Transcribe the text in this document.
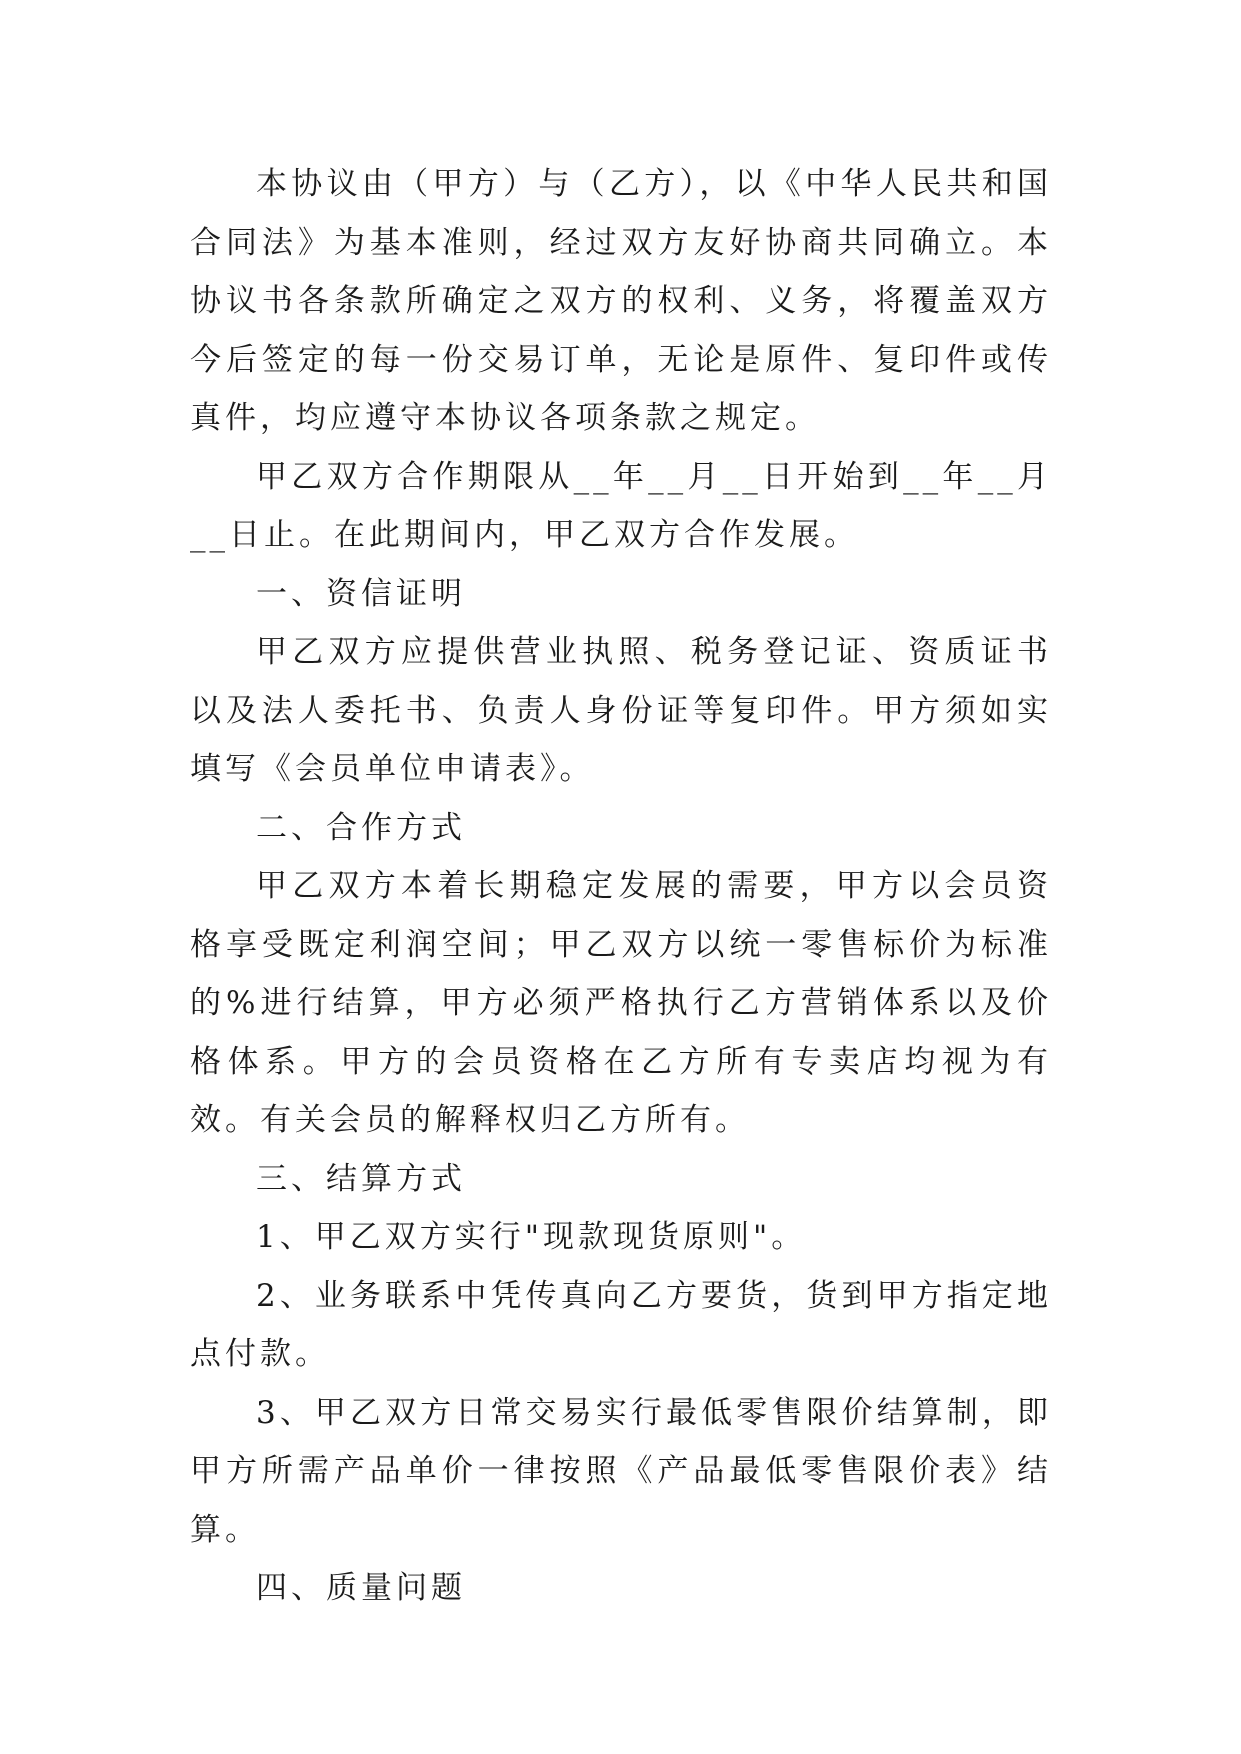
本协议由（甲方）与（乙方），以《中华人民共和国合同法》为基本准则，经过双方友好协商共同确立。本协议书各条款所确定之双方的权利、义务，将覆盖双方今后签定的每一份交易订单，无论是原件、复印件或传真件，均应遵守本协议各项条款之规定。

甲乙双方合作期限从__年__月__日开始到__年__月__日止。在此期间内，甲乙双方合作发展。

一、资信证明

甲乙双方应提供营业执照、税务登记证、资质证书以及法人委托书、负责人身份证等复印件。甲方须如实填写《会员单位申请表》。

二、合作方式

甲乙双方本着长期稳定发展的需要，甲方以会员资格享受既定利润空间；甲乙双方以统一零售标价为标准的%进行结算，甲方必须严格执行乙方营销体系以及价格体系。甲方的会员资格在乙方所有专卖店均视为有效。有关会员的解释权归乙方所有。

三、结算方式

1、甲乙双方实行"现款现货原则"。

2、业务联系中凭传真向乙方要货，货到甲方指定地点付款。

3、甲乙双方日常交易实行最低零售限价结算制，即甲方所需产品单价一律按照《产品最低零售限价表》结算。

四、质量问题
